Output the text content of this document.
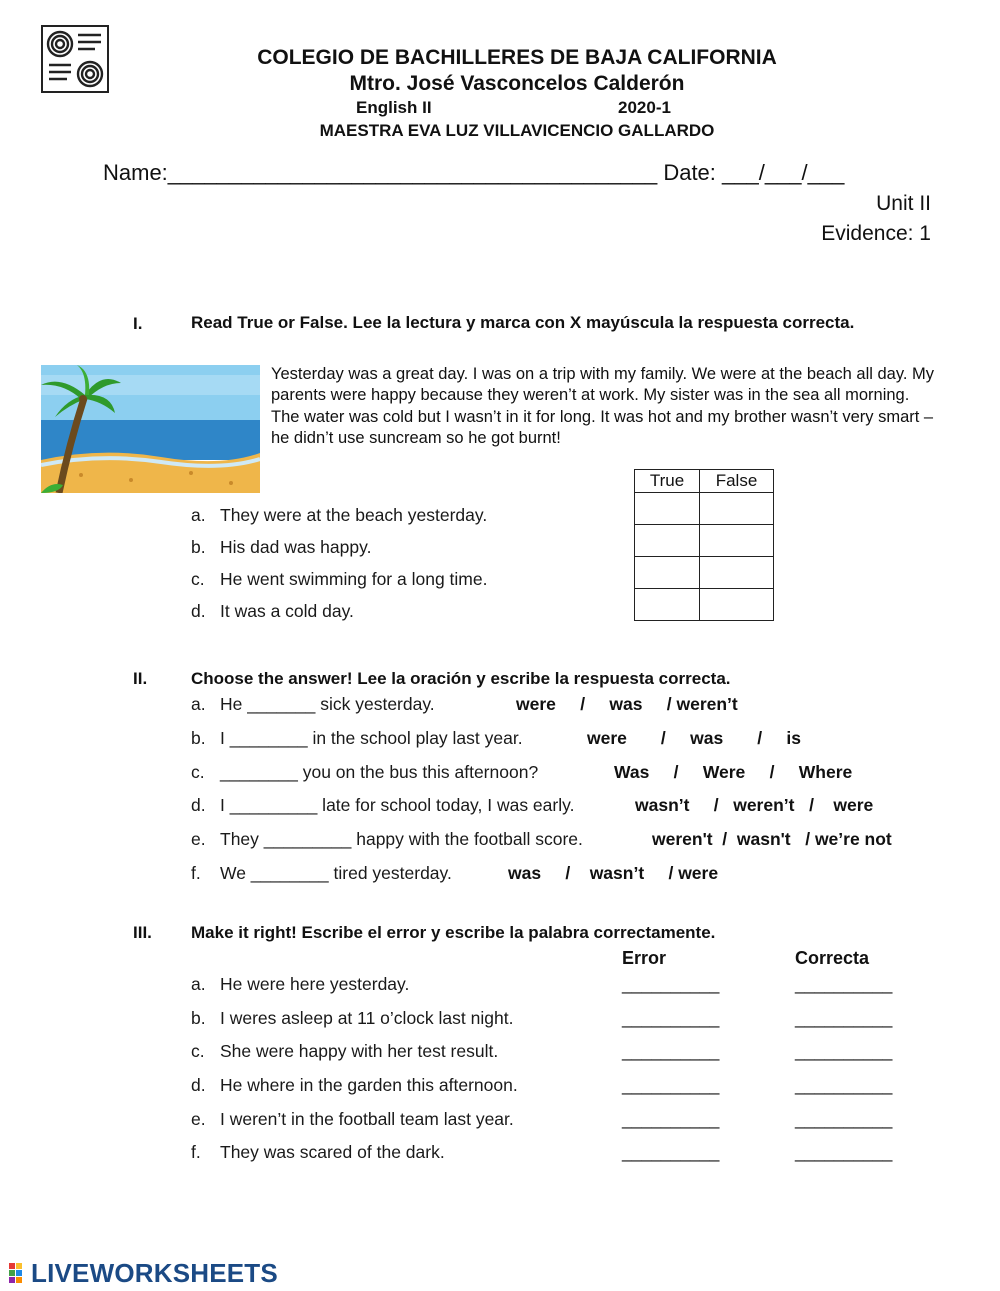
COLEGIO DE BACHILLERES DE BAJA CALIFORNIA
Mtro. José Vasconcelos Calderón
English II	2020-1
MAESTRA EVA LUZ VILLAVICENCIO GALLARDO
Name:________________________________________ Date: ___/___/___
Unit II
Evidence: 1
I.	Read True or False. Lee la lectura y marca con X mayúscula la respuesta correcta.
Yesterday was a great day. I was on a trip with my family. We were at the beach all day. My parents were happy because they weren’t at work. My sister was in the sea all morning. The water was cold but I wasn’t in it for long. It was hot and my brother wasn’t very smart – he didn’t use suncream so he got burnt!
True	False

a. They were at the beach yesterday.
b. His dad was happy.
c. He went swimming for a long time.
d. It was a cold day.
II.	Choose the answer! Lee la oración y escribe la respuesta correcta.
a. He _______ sick yesterday.	were     /     was     / weren’t
b. I ________ in the school play last year.	were       /     was       /     is
c. ________ you on the bus this afternoon?	Was     /     Were     /     Where
d. I _________ late for school today, I was early.	wasn’t     /   weren’t   /    were
e. They _________ happy with the football score.	weren't  /  wasn't   / we’re not
f. We ________ tired yesterday.	was     /    wasn’t     / were
III. Make it right! Escribe el error y escribe la palabra correctamente.
Error	Correcta
a. He were here yesterday.	__________	__________
b. I weres asleep at 11 o’clock last night.	__________	__________
c. She were happy with her test result.	__________	__________
d. He where in the garden this afternoon.	__________	__________
e. I weren’t in the football team last year.	__________	__________
f. They was scared of the dark.	__________	__________
LIVEWORKSHEETS
